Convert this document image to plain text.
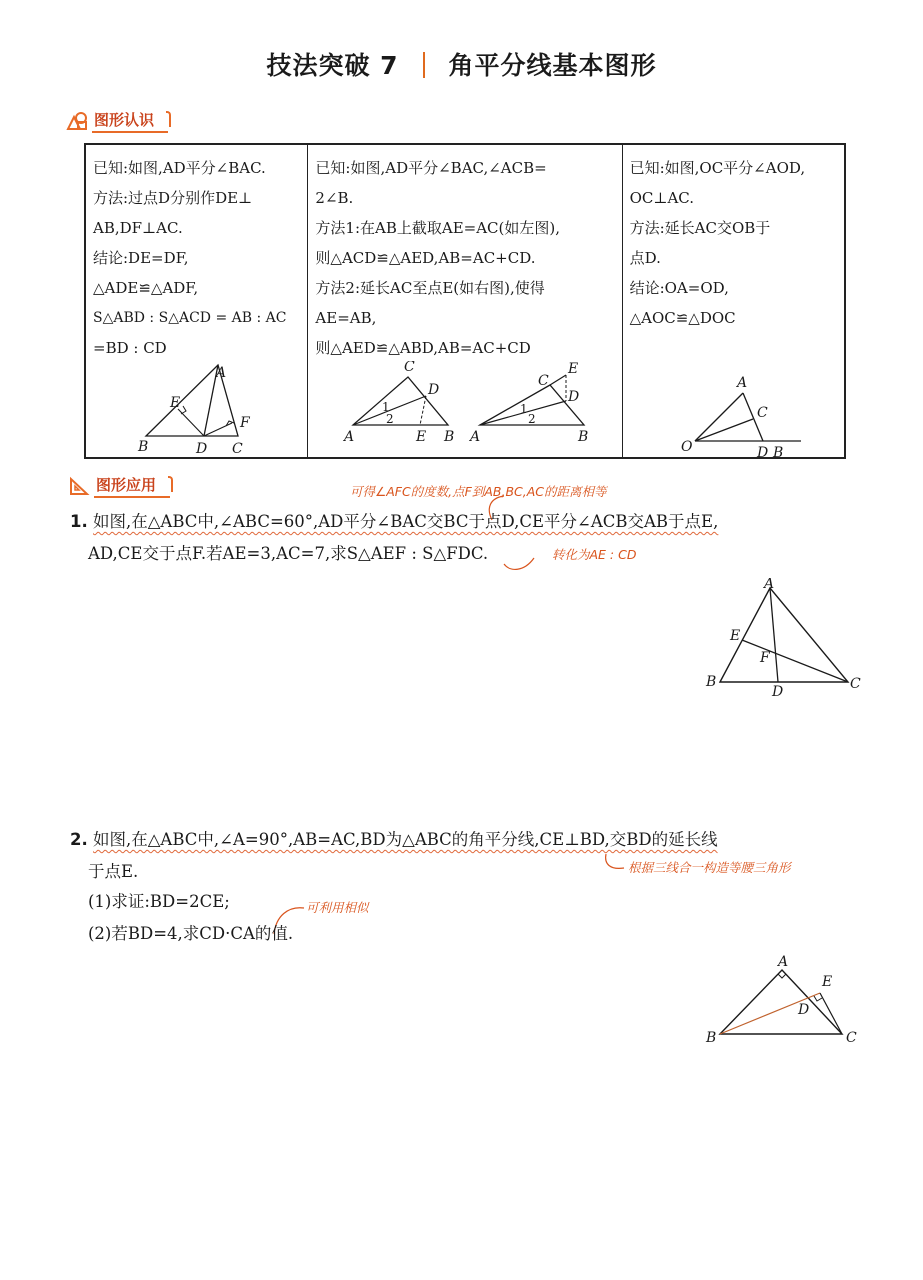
技法突破 7 角平分线基本图形
图形认识

已知:如图,AD平分∠BAC.

方法:过点D分别作DE⊥

AB,DF⊥AC.

结论:DE=DF,

△ADE≌△ADF,

S△ABD : S△ACD = AB : AC

=BD : CD

A
E
F
B	D C

已知:如图,AD平分∠BAC,∠ACB=

2∠B.

方法1:在AB上截取AE=AC(如左图),

则△ACD≌△AED,AB=AC+CD.

方法2:延长AC至点E(如右图),使得

AE=AB,

则△AED≌△ABD,AB=AC+CD

C
D
A	E B
1
2
C
E
D
A	B
1
2

已知:如图,OC平分∠AOD,

OC⊥AC.

方法:延长AC交OB于

点D.

结论:OA=OD,

△AOC≌△DOC

A
C
O	D B
图形应用	可得∠AFC的度数,点F到AB,BC,AC的距离相等
1. 如图,在△ABC中,∠ABC=60°,AD平分∠BAC交BC于点D,CE平分∠ACB交AB于点E,
AD,CE交于点F.若AE=3,AC=7,求S△AEF : S△FDC.	转化为AE : CD
A
E
F
B
D	C
2. 如图,在△ABC中,∠A=90°,AB=AC,BD为△ABC的角平分线,CE⊥BD,交BD的延长线
于点E.	根据三线合一构造等腰三角形
可利用相似
(1)求证:BD=2CE;
(2)若BD=4,求CD·CA的值.
A
E
D
B	C
